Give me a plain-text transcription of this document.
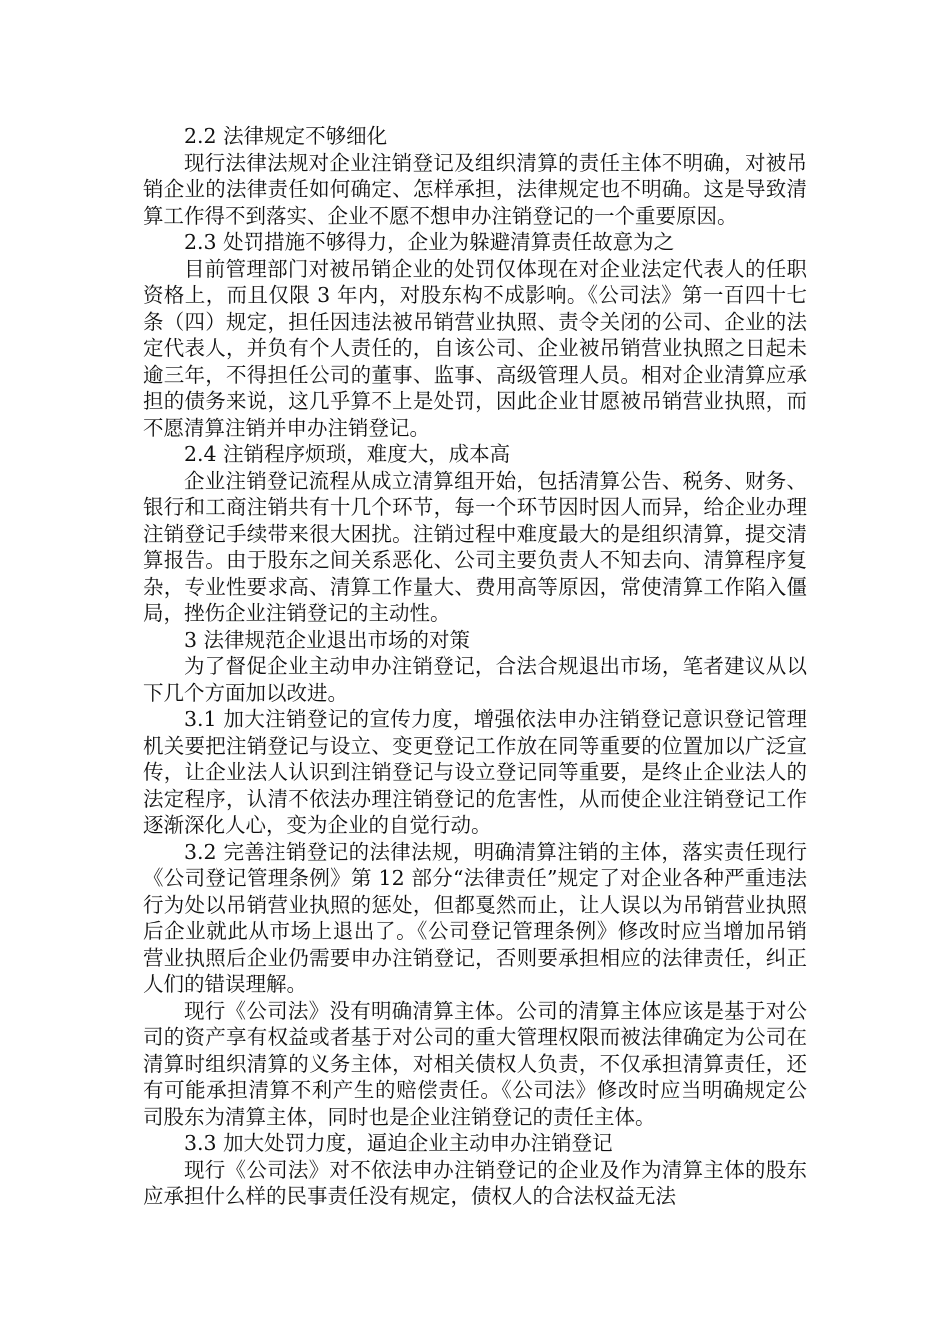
2.2 法律规定不够细化
现行法律法规对企业注销登记及组织清算的责任主体不明确，对被吊销企业的法律责任如何确定、怎样承担，法律规定也不明确。这是导致清算工作得不到落实、企业不愿不想申办注销登记的一个重要原因。
2.3 处罚措施不够得力，企业为躲避清算责任故意为之
目前管理部门对被吊销企业的处罚仅体现在对企业法定代表人的任职资格上，而且仅限 3 年内，对股东构不成影响。《公司法》第一百四十七条（四）规定，担任因违法被吊销营业执照、责令关闭的公司、企业的法定代表人，并负有个人责任的，自该公司、企业被吊销营业执照之日起未逾三年，不得担任公司的董事、监事、高级管理人员。相对企业清算应承担的债务来说，这几乎算不上是处罚，因此企业甘愿被吊销营业执照，而不愿清算注销并申办注销登记。
2.4 注销程序烦琐，难度大，成本高
企业注销登记流程从成立清算组开始，包括清算公告、税务、财务、银行和工商注销共有十几个环节，每一个环节因时因人而异，给企业办理注销登记手续带来很大困扰。注销过程中难度最大的是组织清算，提交清算报告。由于股东之间关系恶化、公司主要负责人不知去向、清算程序复杂，专业性要求高、清算工作量大、费用高等原因，常使清算工作陷入僵局，挫伤企业注销登记的主动性。
3 法律规范企业退出市场的对策
为了督促企业主动申办注销登记，合法合规退出市场，笔者建议从以下几个方面加以改进。
3.1 加大注销登记的宣传力度，增强依法申办注销登记意识登记管理机关要把注销登记与设立、变更登记工作放在同等重要的位置加以广泛宣传，让企业法人认识到注销登记与设立登记同等重要，是终止企业法人的法定程序，认清不依法办理注销登记的危害性，从而使企业注销登记工作逐渐深化人心，变为企业的自觉行动。
3.2 完善注销登记的法律法规，明确清算注销的主体，落实责任现行《公司登记管理条例》第 12 部分“法律责任”规定了对企业各种严重违法行为处以吊销营业执照的惩处，但都戛然而止，让人误以为吊销营业执照后企业就此从市场上退出了。《公司登记管理条例》修改时应当增加吊销营业执照后企业仍需要申办注销登记，否则要承担相应的法律责任，纠正人们的错误理解。
现行《公司法》没有明确清算主体。公司的清算主体应该是基于对公司的资产享有权益或者基于对公司的重大管理权限而被法律确定为公司在清算时组织清算的义务主体，对相关债权人负责，不仅承担清算责任，还有可能承担清算不利产生的赔偿责任。《公司法》修改时应当明确规定公司股东为清算主体，同时也是企业注销登记的责任主体。
3.3 加大处罚力度，逼迫企业主动申办注销登记
现行《公司法》对不依法申办注销登记的企业及作为清算主体的股东应承担什么样的民事责任没有规定，债权人的合法权益无法
